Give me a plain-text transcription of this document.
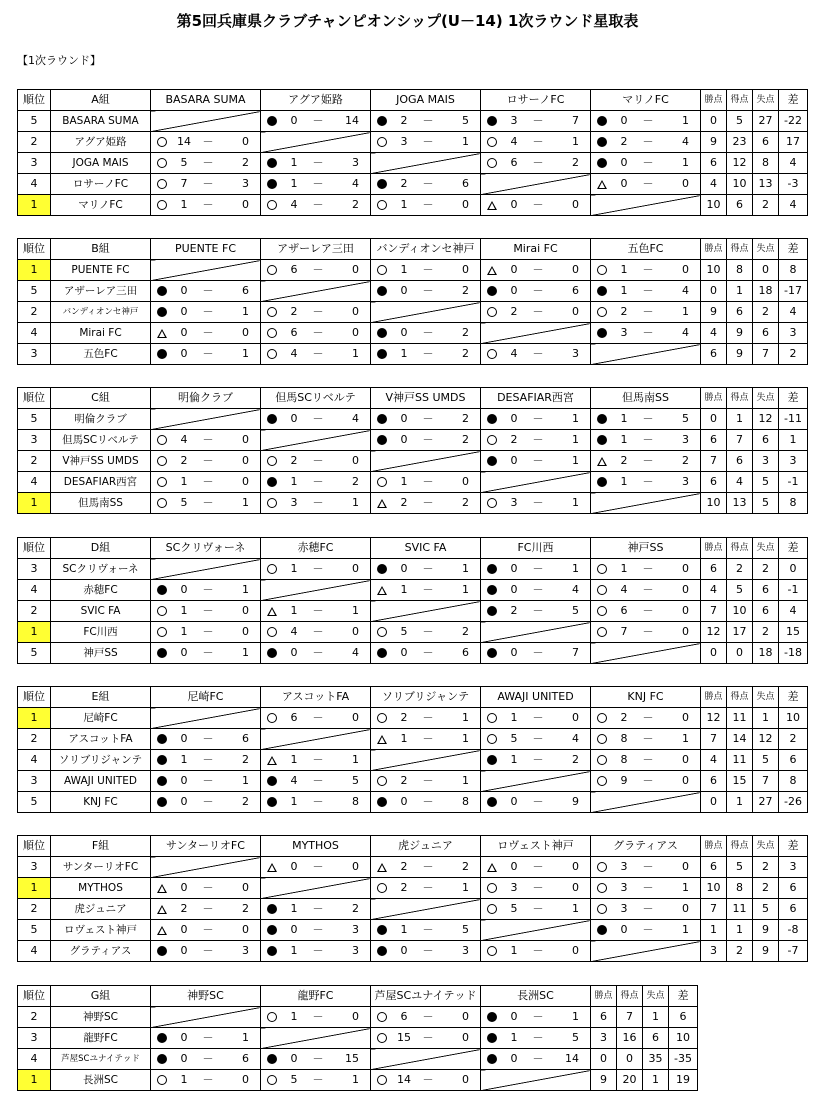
第5回兵庫県クラブチャンピオンシップ(U－14) 1次ラウンド星取表
【1次ラウンド】
順位	A組	BASARA SUMA	アグア姫路	JOGA MAIS	ロサーノFC	マリノFC	勝点	得点	失点	差
5	BASARA SUMA		0 － 14	2 － 5	3 － 7	0 － 1	0	5	27	-22
2	アグア姫路	14 － 0		3 － 1	4 － 1	2 － 4	9	23	6	17
3	JOGA MAIS	5 － 2	1 － 3		6 － 2	0 － 1	6	12	8	4
4	ロサーノFC	7 － 3	1 － 4	2 － 6		0 － 0	4	10	13	-3
1	マリノFC	1 － 0	4 － 2	1 － 0	0 － 0		10	6	2	4
順位	B組	PUENTE FC	アザーレア三田	バンディオンセ神戸	Mirai FC	五色FC	勝点	得点	失点	差
1	PUENTE FC		6 － 0	1 － 0	0 － 0	1 － 0	10	8	0	8
5	アザーレア三田	0 － 6		0 － 2	0 － 6	1 － 4	0	1	18	-17
2	バンディオンセ神戸	0 － 1	2 － 0		2 － 0	2 － 1	9	6	2	4
4	Mirai FC	0 － 0	6 － 0	0 － 2		3 － 4	4	9	6	3
3	五色FC	0 － 1	4 － 1	1 － 2	4 － 3		6	9	7	2
順位	C組	明倫クラブ	但馬SCリベルテ	V神戸SS UMDS	DESAFIAR西宮	但馬南SS	勝点	得点	失点	差
5	明倫クラブ		0 － 4	0 － 2	0 － 1	1 － 5	0	1	12	-11
3	但馬SCリベルテ	4 － 0		0 － 2	2 － 1	1 － 3	6	7	6	1
2	V神戸SS UMDS	2 － 0	2 － 0		0 － 1	2 － 2	7	6	3	3
4	DESAFIAR西宮	1 － 0	1 － 2	1 － 0		1 － 3	6	4	5	-1
1	但馬南SS	5 － 1	3 － 1	2 － 2	3 － 1		10	13	5	8
順位	D組	SCクリヴォーネ	赤穂FC	SVIC FA	FC川西	神戸SS	勝点	得点	失点	差
3	SCクリヴォーネ		1 － 0	0 － 1	0 － 1	1 － 0	6	2	2	0
4	赤穂FC	0 － 1		1 － 1	0 － 4	4 － 0	4	5	6	-1
2	SVIC FA	1 － 0	1 － 1		2 － 5	6 － 0	7	10	6	4
1	FC川西	1 － 0	4 － 0	5 － 2		7 － 0	12	17	2	15
5	神戸SS	0 － 1	0 － 4	0 － 6	0 － 7		0	0	18	-18
順位	E組	尼崎FC	アスコットFA	ソリブリジャンテ	AWAJI UNITED	KNJ FC	勝点	得点	失点	差
1	尼崎FC		6 － 0	2 － 1	1 － 0	2 － 0	12	11	1	10
2	アスコットFA	0 － 6		1 － 1	5 － 4	8 － 1	7	14	12	2
4	ソリブリジャンテ	1 － 2	1 － 1		1 － 2	8 － 0	4	11	5	6
3	AWAJI UNITED	0 － 1	4 － 5	2 － 1		9 － 0	6	15	7	8
5	KNJ FC	0 － 2	1 － 8	0 － 8	0 － 9		0	1	27	-26
順位	F組	サンターリオFC	MYTHOS	虎ジュニア	ロヴェスト神戸	グラティアス	勝点	得点	失点	差
3	サンターリオFC		0 － 0	2 － 2	0 － 0	3 － 0	6	5	2	3
1	MYTHOS	0 － 0		2 － 1	3 － 0	3 － 1	10	8	2	6
2	虎ジュニア	2 － 2	1 － 2		5 － 1	3 － 0	7	11	5	6
5	ロヴェスト神戸	0 － 0	0 － 3	1 － 5		0 － 1	1	1	9	-8
4	グラティアス	0 － 3	1 － 3	0 － 3	1 － 0		3	2	9	-7
順位	G組	神野SC	龍野FC	芦屋SCユナイテッド	長洲SC	勝点	得点	失点	差
2	神野SC		1 － 0	6 － 0	0 － 1	6	7	1	6
3	龍野FC	0 － 1		15 － 0	1 － 5	3	16	6	10
4	芦屋SCユナイテッド	0 － 6	0 － 15		0 － 14	0	0	35	-35
1	長洲SC	1 － 0	5 － 1	14 － 0		9	20	1	19
